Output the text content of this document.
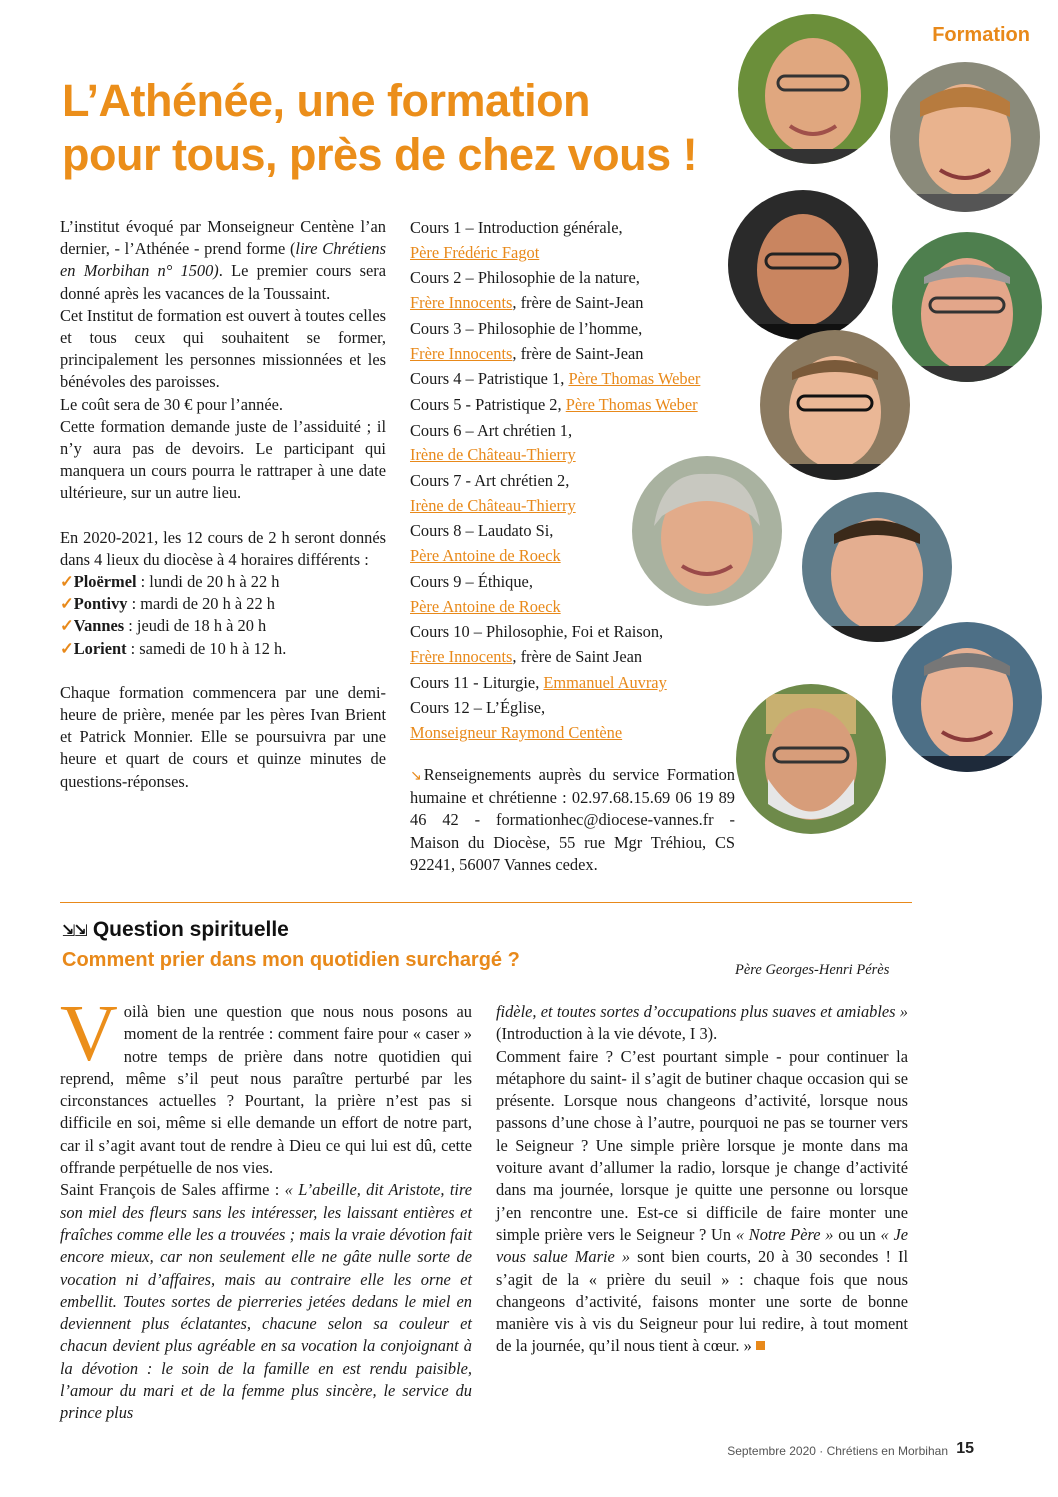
Formation
L’Athénée, une formation
pour tous, près de chez vous !

L’institut évoqué par Monseigneur Centène l’an dernier, - l’Athénée - prend forme (lire Chrétiens en Morbihan n° 1500). Le premier cours sera donné après les vacances de la Toussaint.

Cet Institut de formation est ouvert à toutes celles et tous ceux qui souhaitent se former, principalement les personnes missionnées et les bénévoles des paroisses.

Le coût sera de 30 € pour l’année.

Cette formation demande juste de l’assiduité ; il n’y aura pas de devoirs. Le participant qui manquera un cours pourra le rattraper à une date ultérieure, sur un autre lieu.

En 2020-2021, les 12 cours de 2 h seront donnés dans 4 lieux du diocèse à 4 horaires différents :

✓Ploërmel : lundi de 20 h à 22 h
✓Pontivy : mardi de 20 h à 22 h
✓Vannes : jeudi de 18 h à 20 h
✓Lorient : samedi de 10 h à 12 h.

Chaque formation commencera par une demi-heure de prière, menée par les pères Ivan Brient et Patrick Monnier. Elle se poursuivra par une heure et quart de cours et quinze minutes de questions-réponses.

Cours 1 – Introduction générale,
Père Frédéric Fagot
Cours 2 – Philosophie de la nature,
Frère Innocents, frère de Saint-Jean
Cours 3 – Philosophie de l’homme,
Frère Innocents, frère de Saint-Jean
Cours 4 – Patristique 1, Père Thomas Weber
Cours 5 - Patristique 2, Père Thomas Weber
Cours 6 – Art chrétien 1,
Irène de Château-Thierry
Cours 7 - Art chrétien 2,
Irène de Château-Thierry
Cours 8 – Laudato Si,
Père Antoine de Roeck
Cours 9 – Éthique,
Père Antoine de Roeck
Cours 10 – Philosophie, Foi et Raison,
Frère Innocents, frère de Saint Jean
Cours 11 - Liturgie, Emmanuel Auvray
Cours 12 – L’Église,
Monseigneur Raymond Centène
↘ Renseignements auprès du service Formation humaine et chrétienne : 02.97.68.15.69 06 19 89 46 42 - formationhec@diocese-vannes.fr - Maison du Diocèse, 55 rue Mgr Tréhiou, CS 92241, 56007 Vannes cedex.
⇲⇲ Question spirituelle
Comment prier dans mon quotidien surchargé ?	Père Georges-Henri Pérès

Voilà bien une question que nous nous posons au moment de la rentrée : comment faire pour « caser » notre temps de prière dans notre quotidien qui reprend, même s’il peut nous paraître perturbé par les circonstances actuelles ? Pourtant, la prière n’est pas si difficile en soi, même si elle demande un effort de notre part, car il s’agit avant tout de rendre à Dieu ce qui lui est dû, cette offrande perpétuelle de nos vies.

Saint François de Sales affirme : « L’abeille, dit Aristote, tire son miel des fleurs sans les intéresser, les laissant entières et fraîches comme elle les a trouvées ; mais la vraie dévotion fait encore mieux, car non seulement elle ne gâte nulle sorte de vocation ni d’affaires, mais au contraire elle les orne et embellit. Toutes sortes de pierreries jetées dedans le miel en deviennent plus éclatantes, chacune selon sa couleur et chacun devient plus agréable en sa vocation la conjoignant à la dévotion : le soin de la famille en est rendu paisible, l’amour du mari et de la femme plus sincère, le service du prince plus

fidèle, et toutes sortes d’occupations plus suaves et amiables » (Introduction à la vie dévote, I 3).

Comment faire ? C’est pourtant simple - pour continuer la métaphore du saint- il s’agit de butiner chaque occasion qui se présente. Lorsque nous changeons d’activité, lorsque nous passons d’une chose à l’autre, pourquoi ne pas se tourner vers le Seigneur ? Une simple prière lorsque je monte dans ma voiture avant d’allumer la radio, lorsque je change d’activité dans ma journée, lorsque je quitte une personne ou lorsque j’en rencontre une. Est-ce si difficile de faire monter une simple prière vers le Seigneur ? Un « Notre Père » ou un « Je vous salue Marie » sont bien courts, 20 à 30 secondes ! Il s’agit de la « prière du seuil » : chaque fois que nous changeons d’activité, faisons monter une sorte de bonne manière vis à vis du Seigneur pour lui redire, à tout moment de la journée, qu’il nous tient à cœur. »

Septembre 2020 · Chrétiens en Morbihan 15
